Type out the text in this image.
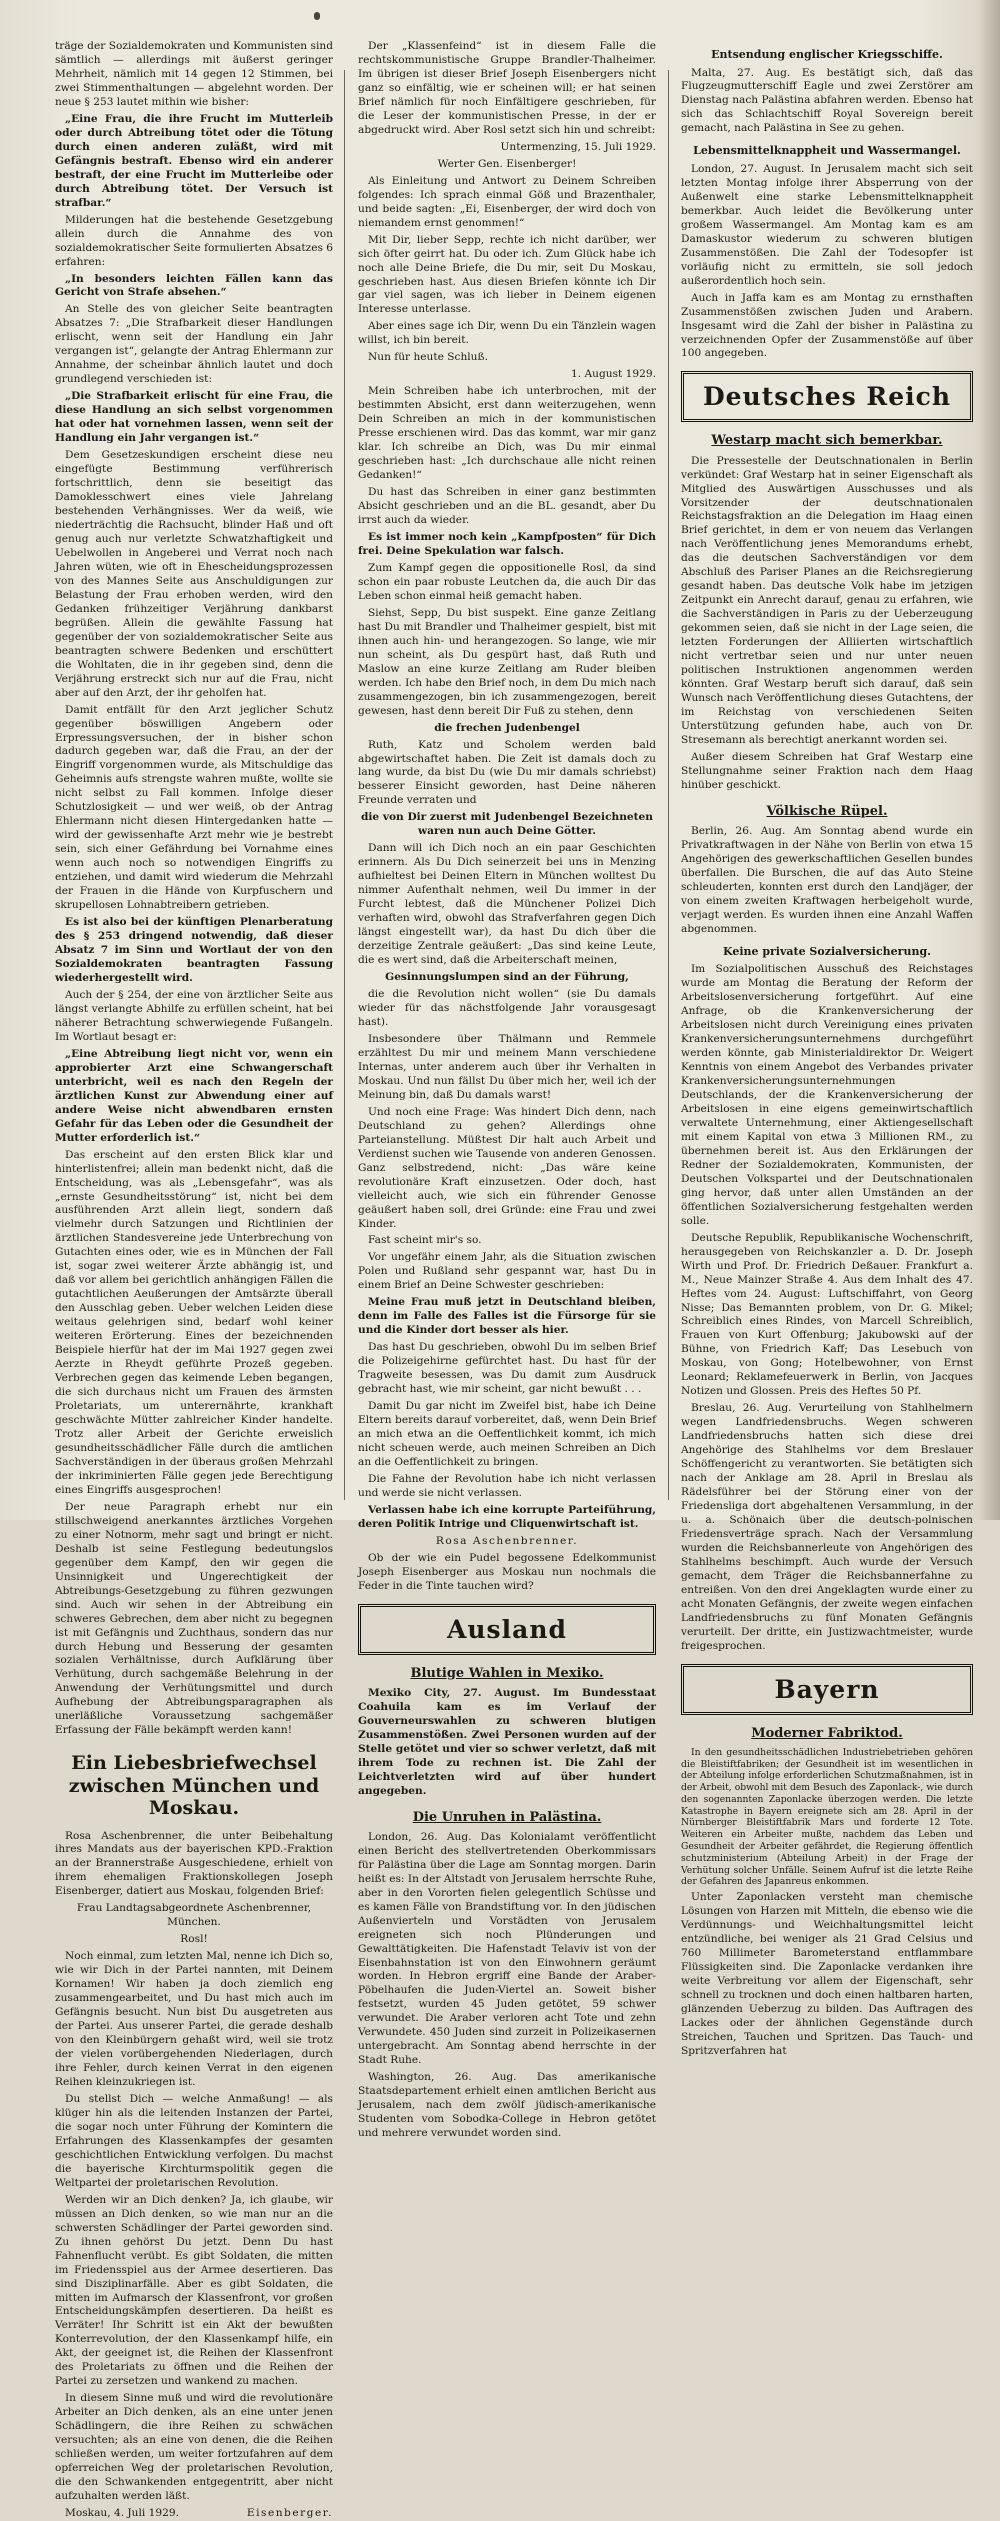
träge der Sozialdemokraten und Kommunisten sind sämtlich — allerdings mit äußerst geringer Mehrheit, nämlich mit 14 gegen 12 Stimmen, bei zwei Stimmenthaltungen — abgelehnt worden. Der neue § 253 lautet mithin wie bisher:

„Eine Frau, die ihre Frucht im Mutterleib oder durch Abtreibung tötet oder die Tötung durch einen anderen zuläßt, wird mit Gefängnis bestraft. Ebenso wird ein anderer bestraft, der eine Frucht im Mutterleibe oder durch Abtreibung tötet. Der Versuch ist strafbar.“

Milderungen hat die bestehende Gesetzgebung allein durch die Annahme des von sozialdemokratischer Seite formulierten Absatzes 6 erfahren:

„In besonders leichten Fällen kann das Gericht von Strafe absehen.“

An Stelle des von gleicher Seite beantragten Absatzes 7: „Die Strafbarkeit dieser Handlungen erlischt, wenn seit der Handlung ein Jahr vergangen ist“, gelangte der Antrag Ehlermann zur Annahme, der scheinbar ähnlich lautet und doch grundlegend verschieden ist:

„Die Strafbarkeit erlischt für eine Frau, die diese Handlung an sich selbst vorgenommen hat oder hat vornehmen lassen, wenn seit der Handlung ein Jahr vergangen ist.“

Dem Gesetzeskundigen erscheint diese neu eingefügte Bestimmung verführerisch fortschrittlich, denn sie beseitigt das Damoklesschwert eines viele Jahrelang bestehenden Verhängnisses. Wer da weiß, wie niederträchtig die Rachsucht, blinder Haß und oft genug auch nur verletzte Schwatzhaftigkeit und Uebelwollen in Angeberei und Verrat noch nach Jahren wüten, wie oft in Ehescheidungsprozessen von des Mannes Seite aus Anschuldigungen zur Belastung der Frau erhoben werden, wird den Gedanken frühzeitiger Verjährung dankbarst begrüßen. Allein die gewählte Fassung hat gegenüber der von sozialdemokratischer Seite aus beantragten schwere Bedenken und erschüttert die Wohltaten, die in ihr gegeben sind, denn die Verjährung erstreckt sich nur auf die Frau, nicht aber auf den Arzt, der ihr geholfen hat.

Damit entfällt für den Arzt jeglicher Schutz gegenüber böswilligen Angebern oder Erpressungsversuchen, der in bisher schon dadurch gegeben war, daß die Frau, an der der Eingriff vorgenommen wurde, als Mitschuldige das Geheimnis aufs strengste wahren mußte, wollte sie nicht selbst zu Fall kommen. Infolge dieser Schutzlosigkeit — und wer weiß, ob der Antrag Ehlermann nicht diesen Hintergedanken hatte — wird der gewissenhafte Arzt mehr wie je bestrebt sein, sich einer Gefährdung bei Vornahme eines wenn auch noch so notwendigen Eingriffs zu entziehen, und damit wird wiederum die Mehrzahl der Frauen in die Hände von Kurpfuschern und skrupellosen Lohnabtreibern getrieben.

Es ist also bei der künftigen Plenarberatung des § 253 dringend notwendig, daß dieser Absatz 7 im Sinn und Wortlaut der von den Sozialdemokraten beantragten Fassung wiederhergestellt wird.

Auch der § 254, der eine von ärztlicher Seite aus längst verlangte Abhilfe zu erfüllen scheint, hat bei näherer Betrachtung schwerwiegende Fußangeln. Im Wortlaut besagt er:

„Eine Abtreibung liegt nicht vor, wenn ein approbierter Arzt eine Schwangerschaft unterbricht, weil es nach den Regeln der ärztlichen Kunst zur Abwendung einer auf andere Weise nicht abwendbaren ernsten Gefahr für das Leben oder die Gesundheit der Mutter erforderlich ist.“

Das erscheint auf den ersten Blick klar und hinterlistenfrei; allein man bedenkt nicht, daß die Entscheidung, was als „Lebensgefahr“, was als „ernste Gesundheitsstörung“ ist, nicht bei dem ausführenden Arzt allein liegt, sondern daß vielmehr durch Satzungen und Richtlinien der ärztlichen Standesvereine jede Unterbrechung von Gutachten eines oder, wie es in München der Fall ist, sogar zwei weiterer Ärzte abhängig ist, und daß vor allem bei gerichtlich anhängigen Fällen die gutachtlichen Aeußerungen der Amtsärzte überall den Ausschlag geben. Ueber welchen Leiden diese weitaus gelehrigen sind, bedarf wohl keiner weiteren Erörterung. Eines der bezeichnenden Beispiele hierfür hat der im Mai 1927 gegen zwei Aerzte in Rheydt geführte Prozeß gegeben. Verbrechen gegen das keimende Leben begangen, die sich durchaus nicht um Frauen des ärmsten Proletariats, um unterernährte, krankhaft geschwächte Mütter zahlreicher Kinder handelte. Trotz aller Arbeit der Gerichte erweislich gesundheitsschädlicher Fälle durch die amtlichen Sachverständigen in der überaus großen Mehrzahl der inkriminierten Fälle gegen jede Berechtigung eines Eingriffs ausgesprochen!

Der neue Paragraph erhebt nur ein stillschweigend anerkanntes ärztliches Vorgehen zu einer Notnorm, mehr sagt und bringt er nicht. Deshalb ist seine Festlegung bedeutungslos gegenüber dem Kampf, den wir gegen die Unsinnigkeit und Ungerechtigkeit der Abtreibungs-Gesetzgebung zu führen gezwungen sind. Auch wir sehen in der Abtreibung ein schweres Gebrechen, dem aber nicht zu begegnen ist mit Gefängnis und Zuchthaus, sondern das nur durch Hebung und Besserung der gesamten sozialen Verhältnisse, durch Aufklärung über Verhütung, durch sachgemäße Belehrung in der Anwendung der Verhütungsmittel und durch Aufhebung der Abtreibungsparagraphen als unerläßliche Voraussetzung sachgemäßer Erfassung der Fälle bekämpft werden kann!

Ein Liebesbriefwechsel zwischen München und Moskau.

Rosa Aschenbrenner, die unter Beibehaltung ihres Mandats aus der bayerischen KPD.-Fraktion an der Brannerstraße Ausgeschiedene, erhielt von ihrem ehemaligen Fraktionskollegen Joseph Eisenberger, datiert aus Moskau, folgenden Brief:

Frau Landtagsabgeordnete Aschenbrenner, München.

Rosl!

Noch einmal, zum letzten Mal, nenne ich Dich so, wie wir Dich in der Partei nannten, mit Deinem Kornamen! Wir haben ja doch ziemlich eng zusammengearbeitet, und Du hast mich auch im Gefängnis besucht. Nun bist Du ausgetreten aus der Partei. Aus unserer Partei, die gerade deshalb von den Kleinbürgern gehaßt wird, weil sie trotz der vielen vorübergehenden Niederlagen, durch ihre Fehler, durch keinen Verrat in den eigenen Reihen kleinzukriegen ist.

Du stellst Dich — welche Anmaßung! — als klüger hin als die leitenden Instanzen der Partei, die sogar noch unter Führung der Komintern die Erfahrungen des Klassenkampfes der gesamten geschichtlichen Entwicklung verfolgen. Du machst die bayerische Kirchturmspolitik gegen die Weltpartei der proletarischen Revolution.

Werden wir an Dich denken? Ja, ich glaube, wir müssen an Dich denken, so wie man nur an die schwersten Schädlinger der Partei geworden sind. Zu ihnen gehörst Du jetzt. Denn Du hast Fahnenflucht verübt. Es gibt Soldaten, die mitten im Friedensspiel aus der Armee desertieren. Das sind Disziplinarfälle. Aber es gibt Soldaten, die mitten im Aufmarsch der Klassenfront, vor großen Entscheidungskämpfen desertieren. Da heißt es Verräter! Ihr Schritt ist ein Akt der bewußten Konterrevolution, der den Klassenkampf hilfe, ein Akt, der geeignet ist, die Reihen der Klassenfront des Proletariats zu öffnen und die Reihen der Partei zu zersetzen und wankend zu machen.

In diesem Sinne muß und wird die revolutionäre Arbeiter an Dich denken, als an eine unter jenen Schädlingern, die ihre Reihen zu schwächen versuchten; als an eine von denen, die die Reihen schließen werden, um weiter fortzufahren auf dem opferreichen Weg der proletarischen Revolution, die den Schwankenden entgegentritt, aber nicht aufzuhalten werden läßt.

Moskau, 4. Juli 1929.	Eisenberger.

Der „Klassenfeind“ ist in diesem Falle die rechtskommunistische Gruppe Brandler-Thalheimer. Im übrigen ist dieser Brief Joseph Eisenbergers nicht ganz so einfältig, wie er scheinen will; er hat seinen Brief nämlich für noch Einfältigere geschrieben, für die Leser der kommunistischen Presse, in der er abgedruckt wird. Aber Rosl setzt sich hin und schreibt:

Untermenzing, 15. Juli 1929.

Werter Gen. Eisenberger!

Als Einleitung und Antwort zu Deinem Schreiben folgendes: Ich sprach einmal Göß und Brazenthaler, und beide sagten: „Ei, Eisenberger, der wird doch von niemandem ernst genommen!“

Mit Dir, lieber Sepp, rechte ich nicht darüber, wer sich öfter geirrt hat. Du oder ich. Zum Glück habe ich noch alle Deine Briefe, die Du mir, seit Du Moskau, geschrieben hast. Aus diesen Briefen könnte ich Dir gar viel sagen, was ich lieber in Deinem eigenen Interesse unterlasse.

Aber eines sage ich Dir, wenn Du ein Tänzlein wagen willst, ich bin bereit.

Nun für heute Schluß.

1. August 1929.

Mein Schreiben habe ich unterbrochen, mit der bestimmten Absicht, erst dann weiterzugehen, wenn Dein Schreiben an mich in der kommunistischen Presse erschienen wird. Das das kommt, war mir ganz klar. Ich schreibe an Dich, was Du mir einmal geschrieben hast: „Ich durchschaue alle nicht reinen Gedanken!“

Du hast das Schreiben in einer ganz bestimmten Absicht geschrieben und an die BL. gesandt, aber Du irrst auch da wieder.

Es ist immer noch kein „Kampfposten“ für Dich frei. Deine Spekulation war falsch.

Zum Kampf gegen die oppositionelle Rosl, da sind schon ein paar robuste Leutchen da, die auch Dir das Leben schon einmal heiß gemacht haben.

Siehst, Sepp, Du bist suspekt. Eine ganze Zeitlang hast Du mit Brandler und Thalheimer gespielt, bist mit ihnen auch hin- und herangezogen. So lange, wie mir nun scheint, als Du gespürt hast, daß Ruth und Maslow an eine kurze Zeitlang am Ruder bleiben werden. Ich habe den Brief noch, in dem Du mich nach zusammengezogen, bin ich zusammengezogen, bereit gewesen, hast denn bereit Dir Fuß zu stehen, denn

die frechen Judenbengel

Ruth, Katz und Scholem werden bald abgewirtschaftet haben. Die Zeit ist damals doch zu lang wurde, da bist Du (wie Du mir damals schriebst) besserer Einsicht geworden, hast Deine näheren Freunde verraten und

die von Dir zuerst mit Judenbengel Bezeichneten waren nun auch Deine Götter.

Dann will ich Dich noch an ein paar Geschichten erinnern. Als Du Dich seinerzeit bei uns in Menzing aufhieltest bei Deinen Eltern in München wolltest Du nimmer Aufenthalt nehmen, weil Du immer in der Furcht lebtest, daß die Münchener Polizei Dich verhaften wird, obwohl das Strafverfahren gegen Dich längst eingestellt war), da hast Du dich über die derzeitige Zentrale geäußert: „Das sind keine Leute, die es wert sind, daß die Arbeiterschaft meinen,

Gesinnungslumpen sind an der Führung,

die die Revolution nicht wollen“ (sie Du damals wieder für das nächstfolgende Jahr vorausgesagt hast).

Insbesondere über Thälmann und Remmele erzähltest Du mir und meinem Mann verschiedene Internas, unter anderem auch über ihr Verhalten in Moskau. Und nun fällst Du über mich her, weil ich der Meinung bin, daß Du damals warst!

Und noch eine Frage: Was hindert Dich denn, nach Deutschland zu gehen? Allerdings ohne Parteianstellung. Müßtest Dir halt auch Arbeit und Verdienst suchen wie Tausende von anderen Genossen. Ganz selbstredend, nicht: „Das wäre keine revolutionäre Kraft einzusetzen. Oder doch, hast vielleicht auch, wie sich ein führender Genosse geäußert haben soll, drei Gründe: eine Frau und zwei Kinder.

Fast scheint mir's so.

Vor ungefähr einem Jahr, als die Situation zwischen Polen und Rußland sehr gespannt war, hast Du in einem Brief an Deine Schwester geschrieben:

Meine Frau muß jetzt in Deutschland bleiben, denn im Falle des Falles ist die Fürsorge für sie und die Kinder dort besser als hier.

Das hast Du geschrieben, obwohl Du im selben Brief die Polizeigehirne gefürchtet hast. Du hast für der Tragweite besessen, was Du damit zum Ausdruck gebracht hast, wie mir scheint, gar nicht bewußt . . .

Damit Du gar nicht im Zweifel bist, habe ich Deine Eltern bereits darauf vorbereitet, daß, wenn Dein Brief an mich etwa an die Oeffentlichkeit kommt, ich mich nicht scheuen werde, auch meinen Schreiben an Dich an die Oeffentlichkeit zu bringen.

Die Fahne der Revolution habe ich nicht verlassen und werde sie nicht verlassen.

Verlassen habe ich eine korrupte Parteiführung, deren Politik Intrige und Cliquenwirtschaft ist.

Rosa Aschenbrenner.

Ob der wie ein Pudel begossene Edelkommunist Joseph Eisenberger aus Moskau nun nochmals die Feder in die Tinte tauchen wird?

Ausland
Blutige Wahlen in Mexiko.

Mexiko City, 27. August. Im Bundesstaat Coahuila kam es im Verlauf der Gouverneurswahlen zu schweren blutigen Zusammenstößen. Zwei Personen wurden auf der Stelle getötet und vier so schwer verletzt, daß mit ihrem Tode zu rechnen ist. Die Zahl der Leichtverletzten wird auf über hundert angegeben.

Die Unruhen in Palästina.

London, 26. Aug. Das Kolonialamt veröffentlicht einen Bericht des stellvertretenden Oberkommissars für Palästina über die Lage am Sonntag morgen. Darin heißt es: In der Altstadt von Jerusalem herrschte Ruhe, aber in den Vororten fielen gelegentlich Schüsse und es kamen Fälle von Brandstiftung vor. In den jüdischen Außenvierteln und Vorstädten von Jerusalem ereigneten sich noch Plünderungen und Gewalttätigkeiten. Die Hafenstadt Telaviv ist von der Eisenbahnstation ist von den Einwohnern geräumt worden. In Hebron ergriff eine Bande der Araber-Pöbelhaufen die Juden-Viertel an. Soweit bisher festsetzt, wurden 45 Juden getötet, 59 schwer verwundet. Die Araber verloren acht Tote und zehn Verwundete. 450 Juden sind zurzeit in Polizeikasernen untergebracht. Am Sonntag abend herrschte in der Stadt Ruhe.

Washington, 26. Aug. Das amerikanische Staatsdepartement erhielt einen amtlichen Bericht aus Jerusalem, nach dem zwölf jüdisch-amerikanische Studenten vom Sobodka-College in Hebron getötet und mehrere verwundet worden sind.

Entsendung englischer Kriegsschiffe.

Malta, 27. Aug. Es bestätigt sich, daß das Flugzeugmutterschiff Eagle und zwei Zerstörer am Dienstag nach Palästina abfahren werden. Ebenso hat sich das Schlachtschiff Royal Sovereign bereit gemacht, nach Palästina in See zu gehen.

Lebensmittelknappheit und Wassermangel.

London, 27. August. In Jerusalem macht sich seit letzten Montag infolge ihrer Absperrung von der Außenwelt eine starke Lebensmittelknappheit bemerkbar. Auch leidet die Bevölkerung unter großem Wassermangel. Am Montag kam es am Damaskustor wiederum zu schweren blutigen Zusammenstößen. Die Zahl der Todesopfer ist vorläufig nicht zu ermitteln, sie soll jedoch außerordentlich hoch sein.

Auch in Jaffa kam es am Montag zu ernsthaften Zusammenstößen zwischen Juden und Arabern. Insgesamt wird die Zahl der bisher in Palästina zu verzeichnenden Opfer der Zusammenstöße auf über 100 angegeben.

Deutsches Reich
Westarp macht sich bemerkbar.

Die Pressestelle der Deutschnationalen in Berlin verkündet: Graf Westarp hat in seiner Eigenschaft als Mitglied des Auswärtigen Ausschusses und als Vorsitzender der deutschnationalen Reichstagsfraktion an die Delegation im Haag einen Brief gerichtet, in dem er von neuem das Verlangen nach Veröffentlichung jenes Memorandums erhebt, das die deutschen Sachverständigen vor dem Abschluß des Pariser Planes an die Reichsregierung gesandt haben. Das deutsche Volk habe im jetzigen Zeitpunkt ein Anrecht darauf, genau zu erfahren, wie die Sachverständigen in Paris zu der Ueberzeugung gekommen seien, daß sie nicht in der Lage seien, die letzten Forderungen der Alliierten wirtschaftlich nicht vertretbar seien und nur unter neuen politischen Instruktionen angenommen werden könnten. Graf Westarp beruft sich darauf, daß sein Wunsch nach Veröffentlichung dieses Gutachtens, der im Reichstag von verschiedenen Seiten Unterstützung gefunden habe, auch von Dr. Stresemann als berechtigt anerkannt worden sei.

Außer diesem Schreiben hat Graf Westarp eine Stellungnahme seiner Fraktion nach dem Haag hinüber geschickt.

Völkische Rüpel.

Berlin, 26. Aug. Am Sonntag abend wurde ein Privatkraftwagen in der Nähe von Berlin von etwa 15 Angehörigen des gewerkschaftlichen Gesellen bundes überfallen. Die Burschen, die auf das Auto Steine schleuderten, konnten erst durch den Landjäger, der von einem zweiten Kraftwagen herbeigeholt wurde, verjagt werden. Es wurden ihnen eine Anzahl Waffen abgenommen.

Keine private Sozialversicherung.

Im Sozialpolitischen Ausschuß des Reichstages wurde am Montag die Beratung der Reform der Arbeitslosenversicherung fortgeführt. Auf eine Anfrage, ob die Krankenversicherung der Arbeitslosen nicht durch Vereinigung eines privaten Krankenversicherungsunternehmens durchgeführt werden könnte, gab Ministerialdirektor Dr. Weigert Kenntnis von einem Angebot des Verbandes privater Krankenversicherungsunternehmungen Deutschlands, der die Krankenversicherung der Arbeitslosen in eine eigens gemeinwirtschaftlich verwaltete Unternehmung, einer Aktiengesellschaft mit einem Kapital von etwa 3 Millionen RM., zu übernehmen bereit ist. Aus den Erklärungen der Redner der Sozialdemokraten, Kommunisten, der Deutschen Volkspartei und der Deutschnationalen ging hervor, daß unter allen Umständen an der öffentlichen Sozialversicherung festgehalten werden solle.

Deutsche Republik, Republikanische Wochenschrift, herausgegeben von Reichskanzler a. D. Dr. Joseph Wirth und Prof. Dr. Friedrich Deßauer. Frankfurt a. M., Neue Mainzer Straße 4. Aus dem Inhalt des 47. Heftes vom 24. August: Luftschiffahrt, von Georg Nisse; Das Bemannten problem, von Dr. G. Mikel; Schreiblich eines Rindes, von Marcell Schreiblich, Frauen von Kurt Offenburg; Jakubowski auf der Bühne, von Friedrich Kaff; Das Lesebuch von Moskau, von Gong; Hotelbewohner, von Ernst Leonard; Reklamefeuerwerk in Berlin, von Jacques Notizen und Glossen. Preis des Heftes 50 Pf.

Breslau, 26. Aug. Verurteilung von Stahlhelmern wegen Landfriedensbruchs. Wegen schweren Landfriedensbruchs hatten sich diese drei Angehörige des Stahlhelms vor dem Breslauer Schöffengericht zu verantworten. Sie betätigten sich nach der Anklage am 28. April in Breslau als Rädelsführer bei der Störung einer von der Friedensliga dort abgehaltenen Versammlung, in der u. a. Schönaich über die deutsch-polnischen Friedensverträge sprach. Nach der Versammlung wurden die Reichsbannerleute von Angehörigen des Stahlhelms beschimpft. Auch wurde der Versuch gemacht, dem Träger die Reichsbannerfahne zu entreißen. Von den drei Angeklagten wurde einer zu acht Monaten Gefängnis, der zweite wegen einfachen Landfriedensbruchs zu fünf Monaten Gefängnis verurteilt. Der dritte, ein Justizwachtmeister, wurde freigesprochen.

Bayern
Moderner Fabriktod.

In den gesundheitsschädlichen Industriebetrieben gehören die Bleistiftfabriken; der Gesundheit ist im wesentlichen in der Abteilung infolge erforderlichen Schutzmaßnahmen, ist in der Arbeit, obwohl mit dem Besuch des Zaponlack-, wie durch den sogenannten Zaponlacke überzogen werden. Die letzte Katastrophe in Bayern ereignete sich am 28. April in der Nürnberger Bleistiftfabrik Mars und forderte 12 Tote. Weiteren ein Arbeiter mußte, nachdem das Leben und Gesundheit der Arbeiter gefährdet, die Regierung öffentlich schutzministerium (Abteilung Arbeit) in der Frage der Verhütung solcher Unfälle. Seinem Aufruf ist die letzte Reihe der Gefahren des Japanreus enkommen.

Unter Zaponlacken versteht man chemische Lösungen von Harzen mit Mitteln, die ebenso wie die Verdünnungs- und Weichhaltungsmittel leicht entzündliche, bei weniger als 21 Grad Celsius und 760 Millimeter Barometerstand entflammbare Flüssigkeiten sind. Die Zaponlacke verdanken ihre weite Verbreitung vor allem der Eigenschaft, sehr schnell zu trocknen und doch einen haltbaren harten, glänzenden Ueberzug zu bilden. Das Auftragen des Lackes oder der ähnlichen Gegenstände durch Streichen, Tauchen und Spritzen. Das Tauch- und Spritzverfahren hat
